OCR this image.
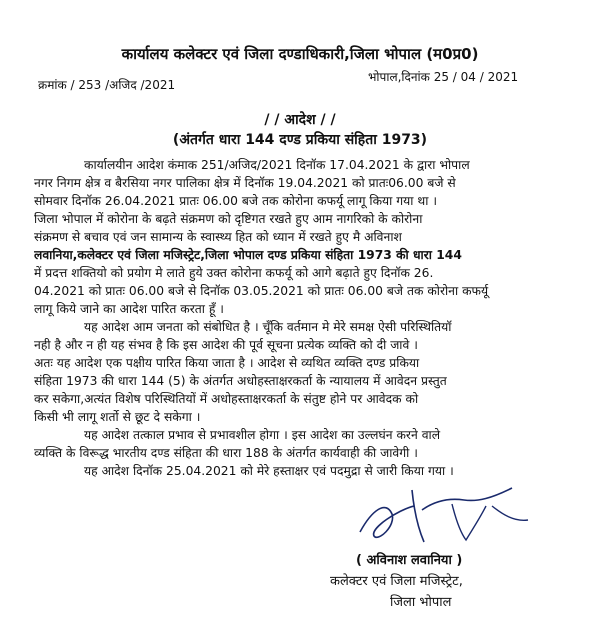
कार्यालय कलेक्टर एवं जिला दण्डाधिकारी,जिला भोपाल (म0प्र0)
क्रमांक / 253 /अजिद /2021
भोपाल,दिनांक 25 / 04 / 2021
/ / आदेश / /
(अंतर्गत धारा 144 दण्ड प्रकिया संहिता 1973)
कार्यालयीन आदेश कंमाक 251/अजिद/2021 दिनॉक 17.04.2021 के द्वारा भोपाल
नगर निगम क्षेत्र व बैरसिया नगर पालिका क्षेत्र में दिनॉक 19.04.2021 को प्रातः06.00 बजे से
सोमवार दिनॉक 26.04.2021 प्रातः 06.00 बजे तक कोरोना कफर्यू लागू किया गया था ।
जिला भोपाल में कोरोना के बढ़ते संक्रमण को दृष्टिगत रखते हुए आम नागरिको के कोरोना
संक्रमण से बचाव एवं जन सामान्य के स्वास्थ्य हित को ध्यान में रखते हुए मै अविनाश
लवानिया,कलेक्टर एवं जिला मजिस्ट्रेट,जिला भोपाल दण्ड प्रकिया संहिता 1973 की धारा 144
में प्रदत्त शक्तियो को प्रयोग मे लाते हुये उक्त कोरोना कफर्यू को आगे बढ़ाते हुए दिनॉक 26.
04.2021 को प्रातः 06.00 बजे से दिनॉक 03.05.2021 को प्रातः 06.00 बजे तक कोरोना कफर्यू
लागू किये जाने का आदेश पारित करता हूँ ।
यह आदेश आम जनता को संबोधित है । चूँकि वर्तमान मे मेरे समक्ष ऐसी परिस्थितियॉ
नही है और न ही यह संभव है कि इस आदेश की पूर्व सूचना प्रत्येक व्यक्ति को दी जावे ।
अतः यह आदेश एक पक्षीय पारित किया जाता है । आदेश से व्यथित व्यक्ति दण्ड प्रकिया
संहिता 1973 की धारा 144 (5) के अंतर्गत अधोहस्ताक्षरकर्ता के न्यायालय में आवेदन प्रस्तुत
कर सकेगा,अत्यंत विशेष परिस्थितियों में अधोहस्ताक्षरकर्ता के संतुष्ट होने पर आवेदक को
किसी भी लागू शर्तो से छूट दे सकेगा ।
यह आदेश तत्काल प्रभाव से प्रभावशील होगा । इस आदेश का उल्लघंन करने वाले
व्यक्ति के विरूद्ध भारतीय दण्ड संहिता की धारा 188 के अंतर्गत कार्यवाही की जावेगी ।
यह आदेश दिनॉक 25.04.2021 को मेरे हस्ताक्षर एवं पदमुद्रा से जारी किया गया ।
( अविनाश लवानिया )
कलेक्टर एवं जिला मजिस्ट्रेट,
जिला भोपाल
